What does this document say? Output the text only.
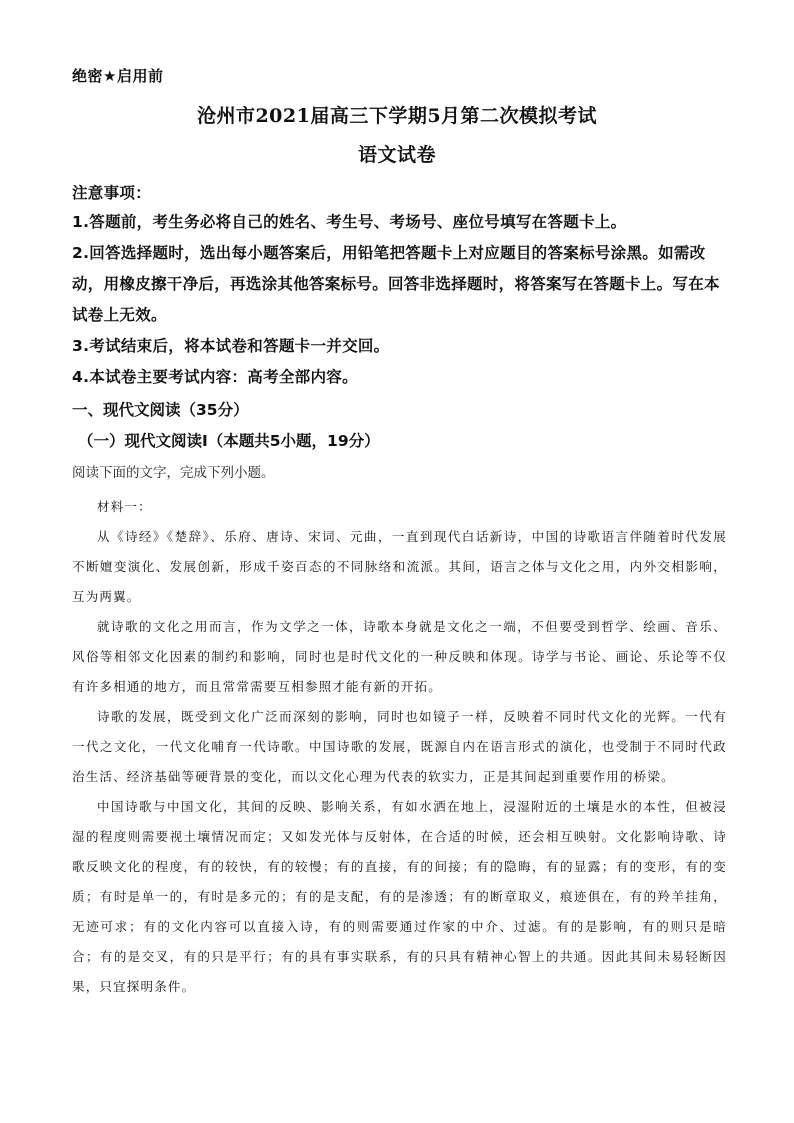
绝密★启用前
沧州市2021届高三下学期5月第二次模拟考试
语文试卷

注意事项：

1.答题前，考生务必将自己的姓名、考生号、考场号、座位号填写在答题卡上。

2.回答选择题时，选出每小题答案后，用铅笔把答题卡上对应题目的答案标号涂黑。如需改动，用橡皮擦干净后，再选涂其他答案标号。回答非选择题时，将答案写在答题卡上。写在本试卷上无效。

3.考试结束后，将本试卷和答题卡一并交回。

4.本试卷主要考试内容：高考全部内容。

一、现代文阅读（35分）
（一）现代文阅读Ⅰ（本题共5小题，19分）
阅读下面的文字，完成下列小题。

材料一：

从《诗经》《楚辞》、乐府、唐诗、宋词、元曲，一直到现代白话新诗，中国的诗歌语言伴随着时代发展不断嬗变演化、发展创新，形成千姿百态的不同脉络和流派。其间，语言之体与文化之用，内外交相影响，互为两翼。

就诗歌的文化之用而言，作为文学之一体，诗歌本身就是文化之一端，不但要受到哲学、绘画、音乐、风俗等相邻文化因素的制约和影响，同时也是时代文化的一种反映和体现。诗学与书论、画论、乐论等不仅有许多相通的地方，而且常常需要互相参照才能有新的开拓。

诗歌的发展，既受到文化广泛而深刻的影响，同时也如镜子一样，反映着不同时代文化的光辉。一代有一代之文化，一代文化哺育一代诗歌。中国诗歌的发展，既源自内在语言形式的演化，也受制于不同时代政治生活、经济基础等硬背景的变化，而以文化心理为代表的软实力，正是其间起到重要作用的桥梁。

中国诗歌与中国文化，其间的反映、影响关系，有如水洒在地上，浸湿附近的土壤是水的本性，但被浸湿的程度则需要视土壤情况而定；又如发光体与反射体，在合适的时候，还会相互映射。文化影响诗歌、诗歌反映文化的程度，有的较快，有的较慢；有的直接，有的间接；有的隐晦，有的显露；有的变形，有的变质；有时是单一的，有时是多元的；有的是支配，有的是渗透；有的断章取义，痕迹俱在，有的羚羊挂角，无迹可求；有的文化内容可以直接入诗，有的则需要通过作家的中介、过滤。有的是影响，有的则只是暗合；有的是交叉，有的只是平行；有的具有事实联系，有的只具有精神心智上的共通。因此其间未易轻断因果，只宜探明条件。
